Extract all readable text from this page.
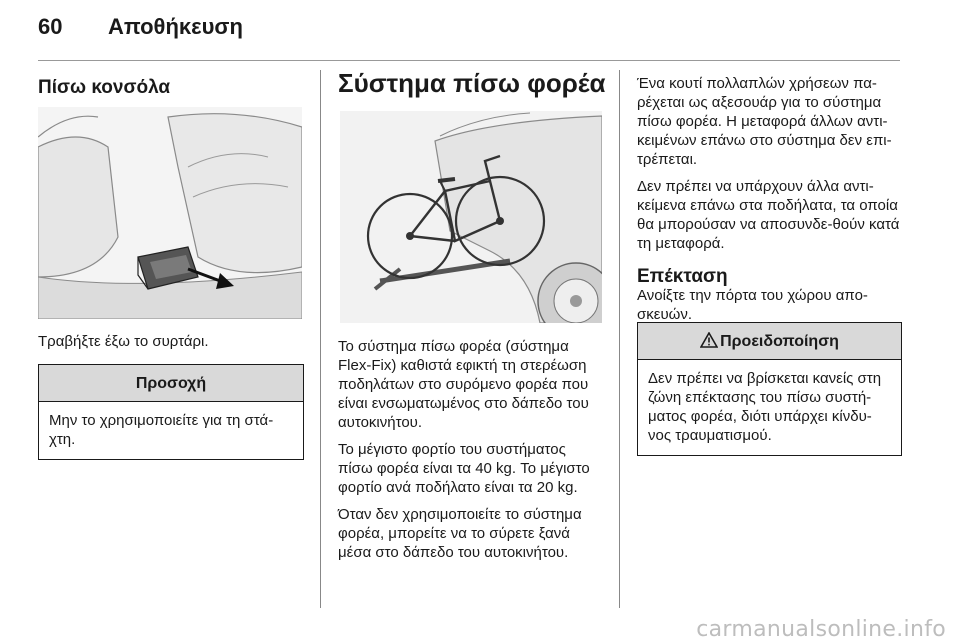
60 Αποθήκευση
Πίσω κονσόλα

Τραβήξτε έξω το συρτάρι.

Προσοχή
Μην το χρησιμοποιείτε για τη στά-χτη.
Σύστημα πίσω φορέα

Το σύστημα πίσω φορέα (σύστημα Flex-Fix) καθιστά εφικτή τη στερέωση ποδηλάτων στο συρόμενο φορέα που είναι ενσωματωμένος στο δάπεδο του αυτοκινήτου.

Το μέγιστο φορτίο του συστήματος πίσω φορέα είναι τα 40 kg. Το μέγιστο φορτίο ανά ποδήλατο είναι τα 20 kg.

Όταν δεν χρησιμοποιείτε το σύστημα φορέα, μπορείτε να το σύρετε ξανά μέσα στο δάπεδο του αυτοκινήτου.

Ένα κουτί πολλαπλών χρήσεων πα-ρέχεται ως αξεσουάρ για το σύστημα πίσω φορέα. Η μεταφορά άλλων αντι-κειμένων επάνω στο σύστημα δεν επι-τρέπεται.

Δεν πρέπει να υπάρχουν άλλα αντι-κείμενα επάνω στα ποδήλατα, τα οποία θα μπορούσαν να αποσυνδε-θούν κατά τη μεταφορά.

Επέκταση

Ανοίξτε την πόρτα του χώρου απο-σκευών.

Προειδοποίηση
Δεν πρέπει να βρίσκεται κανείς στη ζώνη επέκτασης του πίσω συστή-ματος φορέα, διότι υπάρχει κίνδυ-νος τραυματισμού.
carmanualsonline.info
